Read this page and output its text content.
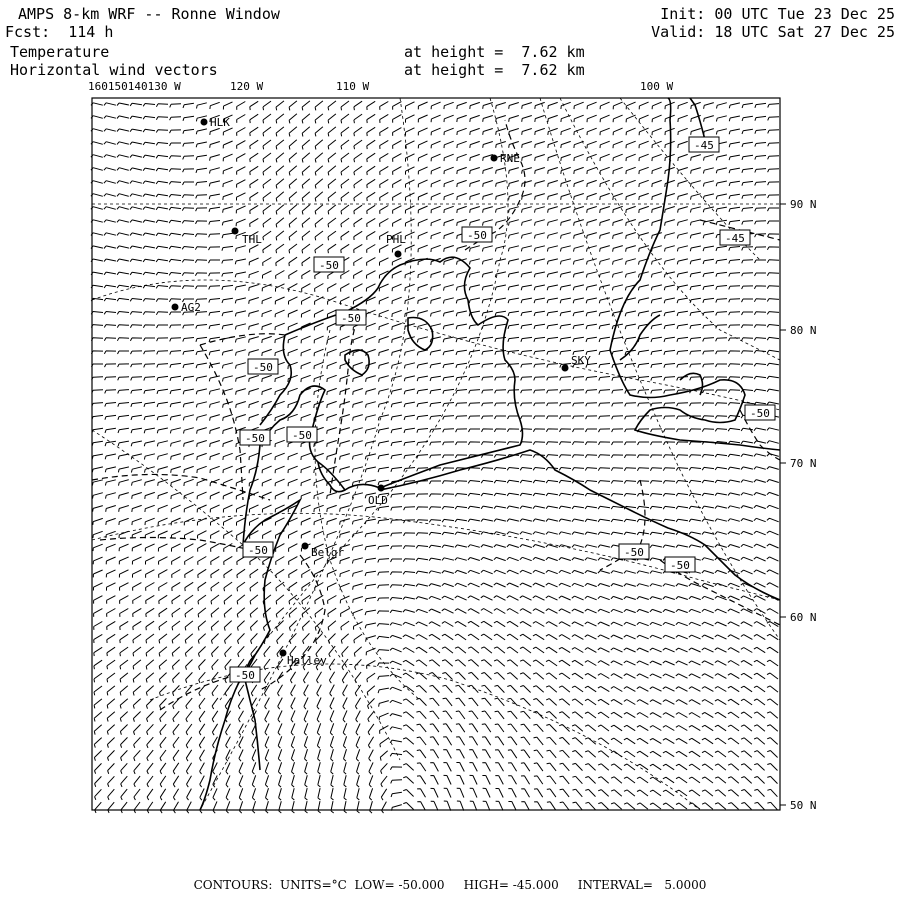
AMPS 8-km WRF -- Ronne Window
Fcst:  114 h
Temperature
Horizontal wind vectors
Init: 00 UTC Tue 23 Dec 25
Valid: 18 UTC Sat 27 Dec 25
at height =  7.62 km
at height =  7.62 km
160150140130 W	120 W	110 W	100 W
90 N
80 N
70 N
60 N
50 N
HLK
RNE
THL	PHL
AG2
SKY
OLD
Belgr
Halley
-45
-50	-45
-50
-50
-50
-50
-50 -50
-50	-50
-50
-50
CONTOURS:  UNITS=°C  LOW= -50.000     HIGH= -45.000     INTERVAL=   5.0000
